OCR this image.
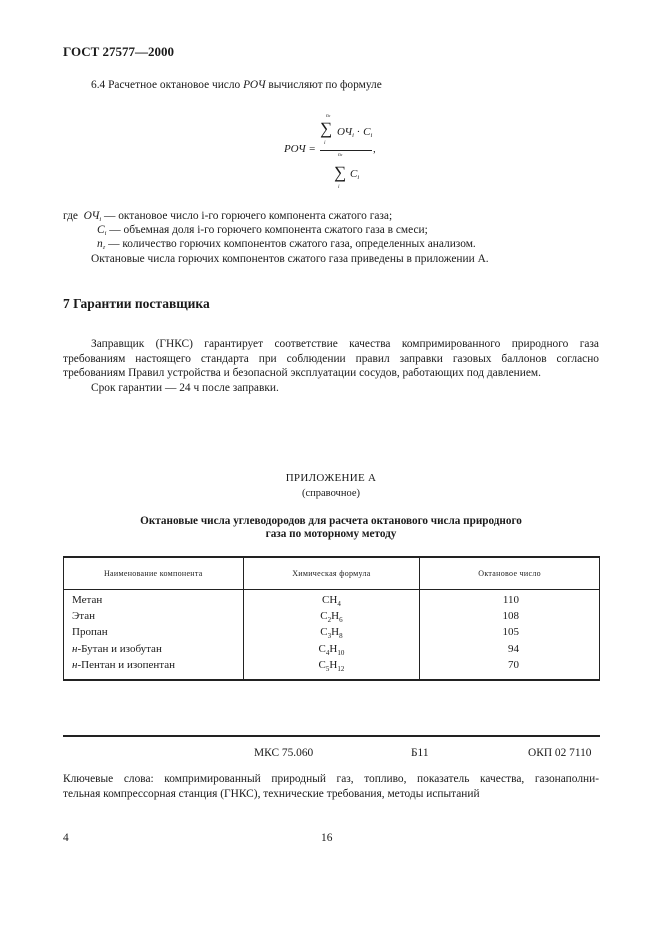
ГОСТ 27577—2000
6.4 Расчетное октановое число РОЧ вычисляют по формуле
РОЧ =
nг
∑
i
$ОЧ_i \cdot C_i$
,
nг
∑
i
$C_i$
где $ОЧ_i$ — октановое число i-го горючего компонента сжатого газа;
$C_i$ — объемная доля i-го горючего компонента сжатого газа в смеси;
$n_г$ — количество горючих компонентов сжатого газа, определенных анализом.
Октановые числа горючих компонентов сжатого газа приведены в приложении А.
7 Гарантии поставщика
Заправщик (ГНКС) гарантирует соответствие качества компримированного природного газа
требованиям настоящего стандарта при соблюдении правил заправки газовых баллонов согласно
требованиям Правил устройства и безопасной эксплуатации сосудов, работающих под давлением.
Срок гарантии — 24 ч после заправки.
ПРИЛОЖЕНИЕ А
(справочное)
Октановые числа углеводородов для расчета октанового числа природного
газа по моторному методу
Наименование компонента	Химическая формула	Октановое число
Метан	$CH_4$	110
Этан	$C_2H_6$	108
Пропан	$C_3H_8$	105
н-Бутан и изобутан	$C_4H_{10}$	94
н-Пентан и изопентан	$C_5H_{12}$	70
МКС 75.060	Б11	ОКП 02 7110
Ключевые слова: компримированный природный газ, топливо, показатель качества, газонаполни-
тельная компрессорная станция (ГНКС), технические требования, методы испытаний
4	16
